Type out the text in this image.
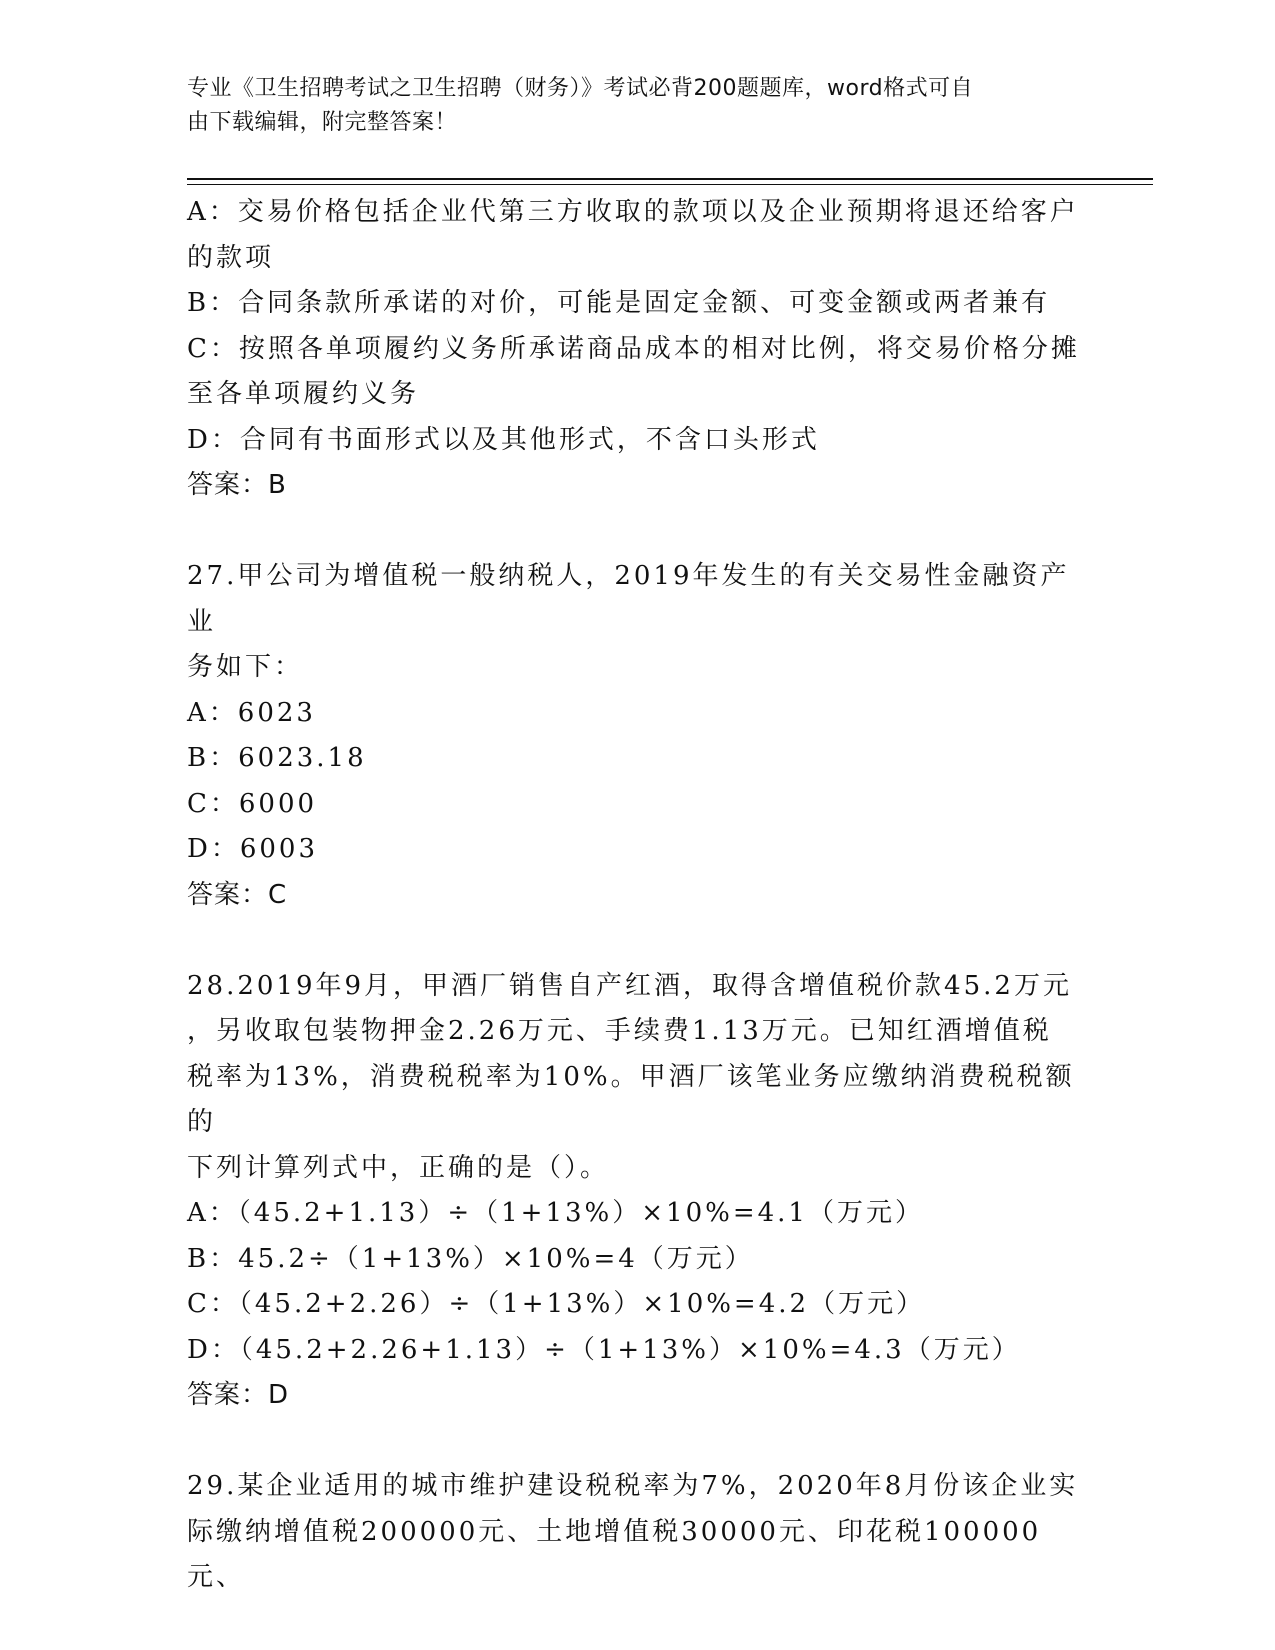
专业《卫生招聘考试之卫生招聘（财务）》考试必背200题题库，word格式可自
由下载编辑，附完整答案！
A：交易价格包括企业代第三方收取的款项以及企业预期将退还给客户
的款项
B：合同条款所承诺的对价，可能是固定金额、可变金额或两者兼有
C：按照各单项履约义务所承诺商品成本的相对比例，将交易价格分摊
至各单项履约义务
D：合同有书面形式以及其他形式，不含口头形式
答案：B
27.甲公司为增值税一般纳税人，2019年发生的有关交易性金融资产业
务如下：
A：6023
B：6023.18
C：6000
D：6003
答案：C
28.2019年9月，甲酒厂销售自产红酒，取得含增值税价款45.2万元
，另收取包装物押金2.26万元、手续费1.13万元。已知红酒增值税
税率为13%，消费税税率为10%。甲酒厂该笔业务应缴纳消费税税额的
下列计算列式中，正确的是（）。
A：（45.2+1.13）÷（1+13%）×10%=4.1（万元）
B：45.2÷（1+13%）×10%=4（万元）
C：（45.2+2.26）÷（1+13%）×10%=4.2（万元）
D：（45.2+2.26+1.13）÷（1+13%）×10%=4.3（万元）
答案：D
29.某企业适用的城市维护建设税税率为7%，2020年8月份该企业实
际缴纳增值税200000元、土地增值税30000元、印花税100000元、
